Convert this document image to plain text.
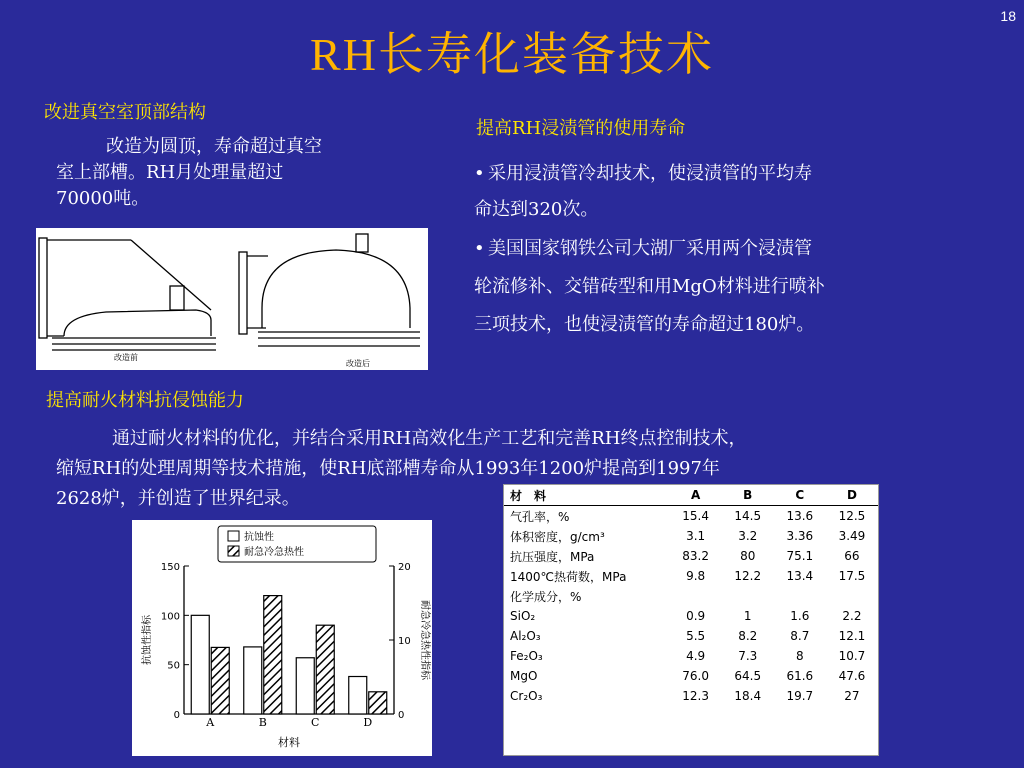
18
RH长寿化装备技术
改进真空室顶部结构
改造为圆顶，寿命超过真空
室上部槽。RH月处理量超过
70000吨。
改造前
改造后
提高RH浸渍管的使用寿命
• 采用浸渍管冷却技术，使浸渍管的平均寿
命达到320次。
• 美国国家钢铁公司大湖厂采用两个浸渍管
轮流修补、交错砖型和用MgO材料进行喷补
三项技术，也使浸渍管的寿命超过180炉。
提高耐火材料抗侵蚀能力
通过耐火材料的优化，并结合采用RH高效化生产工艺和完善RH终点控制技术，
缩短RH的处理周期等技术措施，使RH底部槽寿命从1993年1200炉提高到1997年
2628炉，并创造了世界纪录。
0
50
100
150
0
10
20
A	B	C	D
材料
抗蚀性指标	耐急冷急热性指标
抗蚀性
耐急冷急热性
材　料	A	B	C	D
气孔率，%	15.4	14.5	13.6	12.5
体积密度，g/cm³	3.1	3.2	3.36	3.49
抗压强度，MPa	83.2	80	75.1	66
1400℃热荷数，MPa	9.8	12.2	13.4	17.5
化学成分，%				
SiO₂	0.9	1	1.6	2.2
Al₂O₃	5.5	8.2	8.7	12.1
Fe₂O₃	4.9	7.3	8	10.7
MgO	76.0	64.5	61.6	47.6
Cr₂O₃	12.3	18.4	19.7	27
